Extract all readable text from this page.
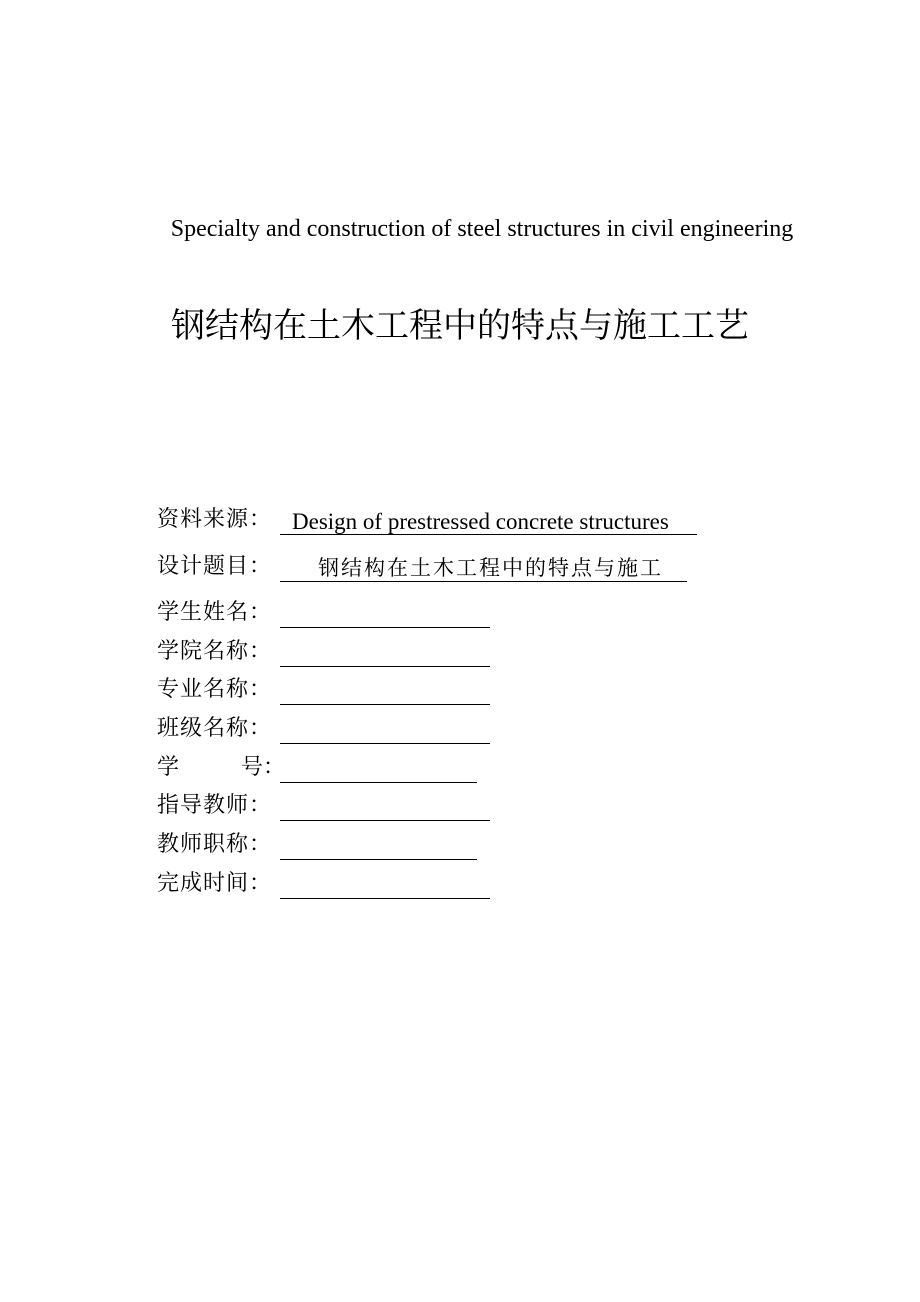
Specialty and construction of steel structures in civil engineering
钢结构在土木工程中的特点与施工工艺
资料来源： Design of prestressed concrete structures
设计题目：	钢结构在土木工程中的特点与施工
学生姓名：
学院名称：
专业名称：
班级名称：
学	号：
指导教师：
教师职称：
完成时间：
